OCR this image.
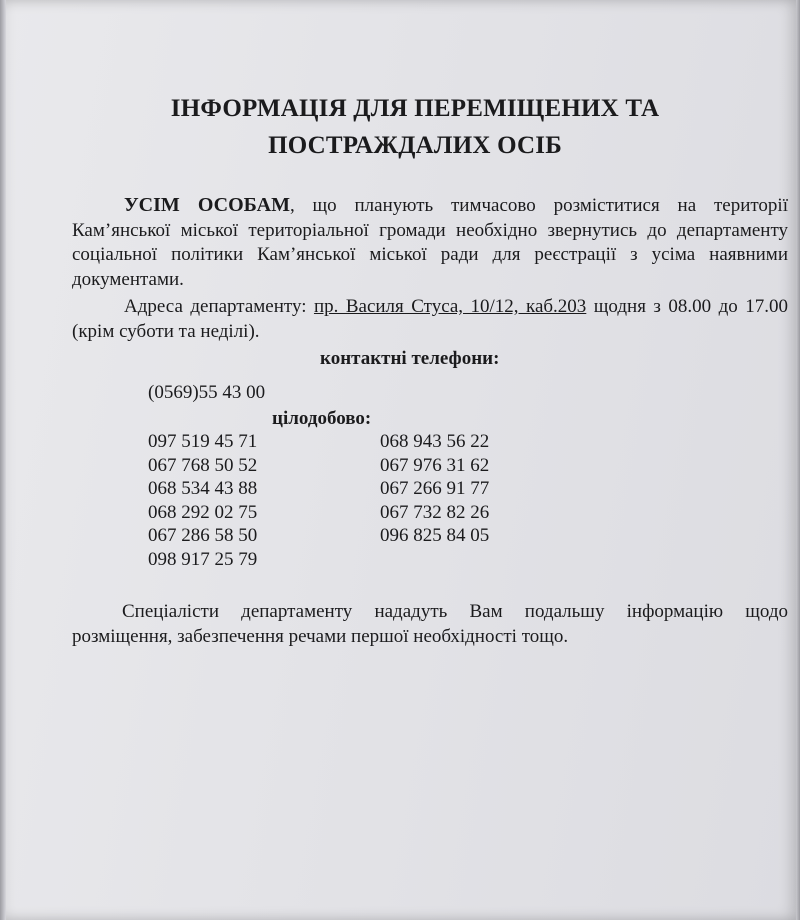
ІНФОРМАЦІЯ ДЛЯ ПЕРЕМІЩЕНИХ ТА
ПОСТРАЖДАЛИХ ОСІБ

УСІМ ОСОБАМ, що планують тимчасово розміститися на території Кам’янської міської територіальної громади необхідно звернутись до департаменту соціальної політики Кам’янської міської ради для реєстрації з усіма наявними документами.

Адреса департаменту: пр. Василя Стуса, 10/12, каб.203 щодня з 08.00 до 17.00 (крім суботи та неділі).

контактні телефони:
(0569)55 43 00
цілодобово:
097 519 45 71
067 768 50 52
068 534 43 88
068 292 02 75
067 286 58 50
098 917 25 79
068 943 56 22
067 976 31 62
067 266 91 77
067 732 82 26
096 825 84 05

Спеціалісти департаменту нададуть Вам подальшу інформацію щодо розміщення, забезпечення речами першої необхідності тощо.
